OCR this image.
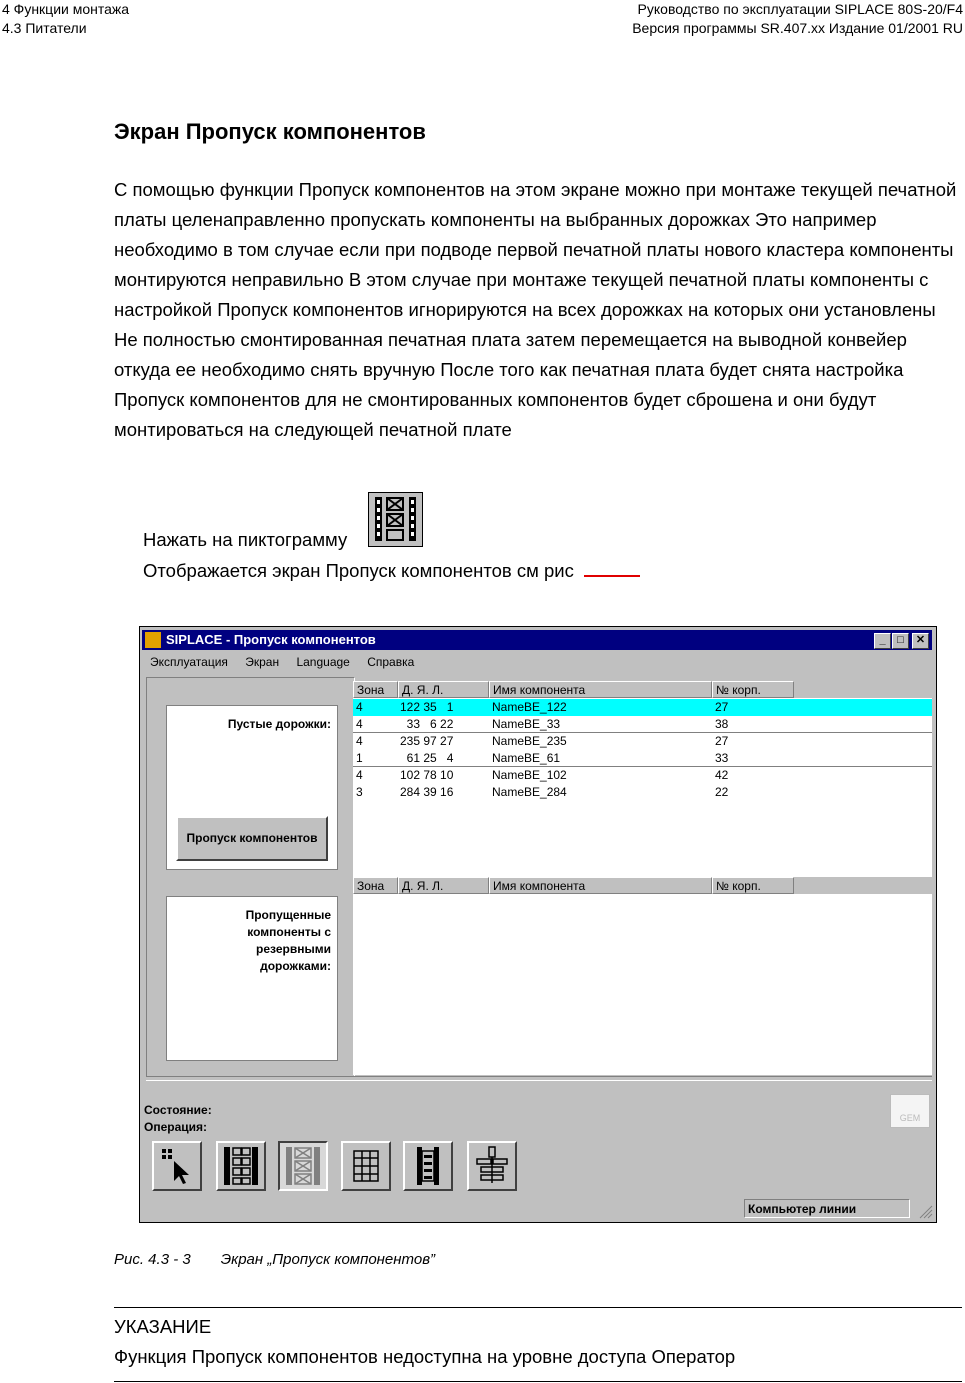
4 Функции монтажа
4.3 Питатели
Руководство по эксплуатации SIPLACE 80S-20/F4
Версия программы SR.407.xx Издание 01/2001 RU
Экран Пропуск компонентов

С помощью функции Пропуск компонентов на этом экране можно при монтаже текущей печатной платы целенаправленно пропускать компоненты на выбранных дорожках Это например необходимо в том случае если при подводе первой печатной платы нового кластера компоненты монтируются неправильно В этом случае при монтаже текущей печатной платы компоненты с настройкой Пропуск компонентов игнорируются на всех дорожках на которых они установлены Не полностью смонтированная печатная плата затем перемещается на выводной конвейер откуда ее необходимо снять вручную После того как печатная плата будет снята настройка Пропуск компонентов для не смонтированных компонентов будет сброшена и они будут монтироваться на следующей печатной плате

Нажать на пиктограмму
Отображается экран Пропуск компонентов см рис
SIPLACE - Пропуск компонентов	_	□	✕
Эксплуатация Экран Language Справка
Пустые дорожки:
Пропуск компонентов
Пропущенные
компоненты с
резервными
дорожками:
Зона	Д. Я. Л.	Имя компонента	№ корп.
4	122 35   1	NameBE_122	27
4	33   6 22	NameBE_33	38
4	235 97 27	NameBE_235	27
1	61 25   4	NameBE_61	33
4	102 78 10	NameBE_102	42
3	284 39 16	NameBE_284	22
Зона	Д. Я. Л.	Имя компонента	№ корп.
Состояние:
Операция:
GEM
Компьютер линии
Рис. 4.3 - 3 Экран „Пропуск компонентов”
УКАЗАНИЕ
Функция Пропуск компонентов недоступна на уровне доступа Оператор
